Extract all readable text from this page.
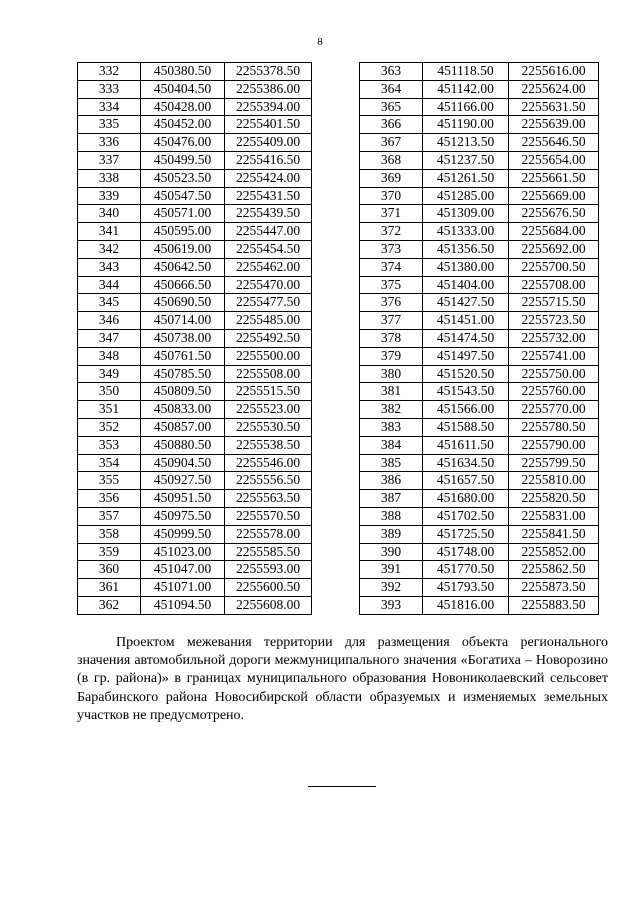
8
332	450380.50	2255378.50
333	450404.50	2255386.00
334	450428.00	2255394.00
335	450452.00	2255401.50
336	450476.00	2255409.00
337	450499.50	2255416.50
338	450523.50	2255424.00
339	450547.50	2255431.50
340	450571.00	2255439.50
341	450595.00	2255447.00
342	450619.00	2255454.50
343	450642.50	2255462.00
344	450666.50	2255470.00
345	450690.50	2255477.50
346	450714.00	2255485.00
347	450738.00	2255492.50
348	450761.50	2255500.00
349	450785.50	2255508.00
350	450809.50	2255515.50
351	450833.00	2255523.00
352	450857.00	2255530.50
353	450880.50	2255538.50
354	450904.50	2255546.00
355	450927.50	2255556.50
356	450951.50	2255563.50
357	450975.50	2255570.50
358	450999.50	2255578.00
359	451023.00	2255585.50
360	451047.00	2255593.00
361	451071.00	2255600.50
362	451094.50	2255608.00
363	451118.50	2255616.00
364	451142.00	2255624.00
365	451166.00	2255631.50
366	451190.00	2255639.00
367	451213.50	2255646.50
368	451237.50	2255654.00
369	451261.50	2255661.50
370	451285.00	2255669.00
371	451309.00	2255676.50
372	451333.00	2255684.00
373	451356.50	2255692.00
374	451380.00	2255700.50
375	451404.00	2255708.00
376	451427.50	2255715.50
377	451451.00	2255723.50
378	451474.50	2255732.00
379	451497.50	2255741.00
380	451520.50	2255750.00
381	451543.50	2255760.00
382	451566.00	2255770.00
383	451588.50	2255780.50
384	451611.50	2255790.00
385	451634.50	2255799.50
386	451657.50	2255810.00
387	451680.00	2255820.50
388	451702.50	2255831.00
389	451725.50	2255841.50
390	451748.00	2255852.00
391	451770.50	2255862.50
392	451793.50	2255873.50
393	451816.00	2255883.50

Проектом межевания территории для размещения объекта регионального значения автомобильной дороги межмуниципального значения «Богатиха – Новорозино (в гр. района)» в границах муниципального образования Новониколаевский сельсовет Барабинского района Новосибирской области образуемых и изменяемых земельных участков не предусмотрено.
